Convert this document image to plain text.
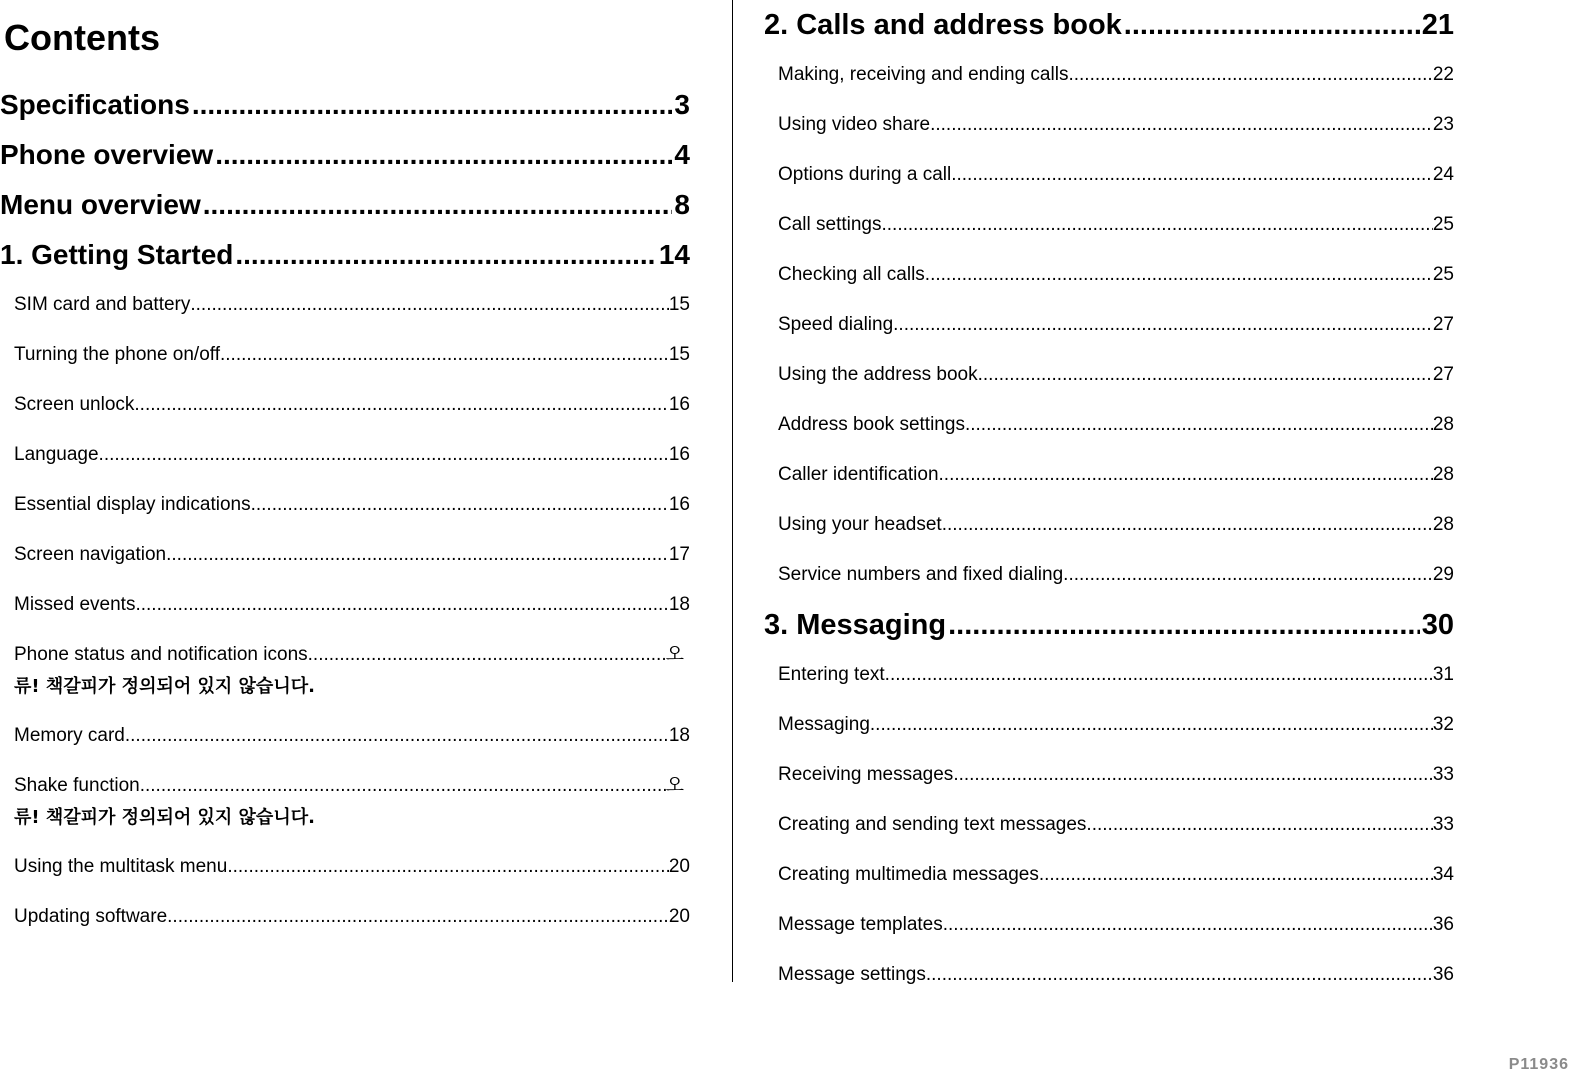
Contents
Specifications .....	3
Phone overview .....	4
Menu overview .....	8
1. Getting Started .....	14
SIM card and battery .....	15
Turning the phone on/off .....	15
Screen unlock .....	16
Language .....	16
Essential display indications .....	16
Screen navigation .....	17
Missed events .....	18
Phone status and notification icons .....	오
류! 책갈피가 정의되어 있지 않습니다.
Memory card .....	18
Shake function .....	오
류! 책갈피가 정의되어 있지 않습니다.
Using the multitask menu .....	20
Updating software .....	20
2. Calls and address book .....	21
Making, receiving and ending calls .....	22
Using video share .....	23
Options during a call .....	24
Call settings .....	25
Checking all calls .....	25
Speed dialing .....	27
Using the address book .....	27
Address book settings .....	28
Caller identification .....	28
Using your headset .....	28
Service numbers and fixed dialing .....	29
3. Messaging .....	30
Entering text .....	31
Messaging .....	32
Receiving messages .....	33
Creating and sending text messages .....	33
Creating multimedia messages .....	34
Message templates .....	36
Message settings .....	36
P11936
